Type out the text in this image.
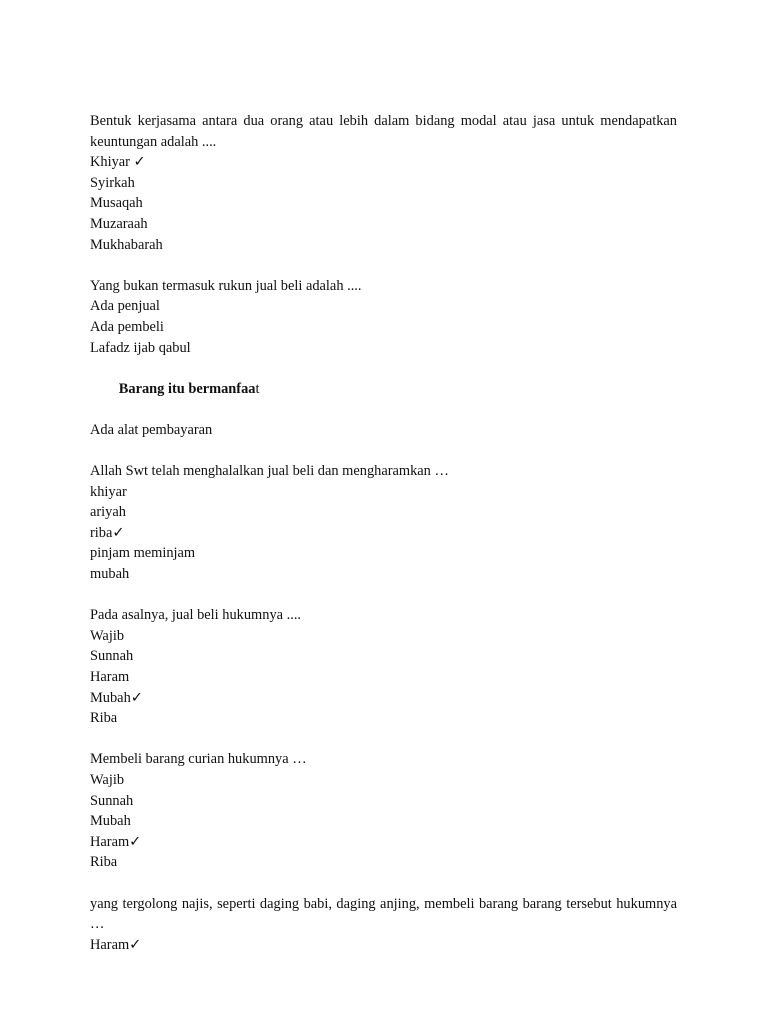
Bentuk kerjasama antara dua orang atau lebih dalam bidang modal atau jasa untuk mendapatkan keuntungan adalah ....
Khiyar ✓
Syirkah
Musaqah
Muzaraah
Mukhabarah
Yang bukan termasuk rukun jual beli adalah ....
Ada penjual
Ada pembeli
Lafadz ijab qabul

Barang itu bermanfaat

Ada alat pembayaran
Allah Swt telah menghalalkan jual beli dan mengharamkan …
khiyar
ariyah
riba✓
pinjam meminjam
mubah
Pada asalnya, jual beli hukumnya ....
Wajib
Sunnah
Haram
Mubah✓
Riba
Membeli barang curian hukumnya …
Wajib
Sunnah
Mubah
Haram✓
Riba
yang tergolong najis, seperti daging babi, daging anjing, membeli barang barang tersebut hukumnya …
Haram✓
